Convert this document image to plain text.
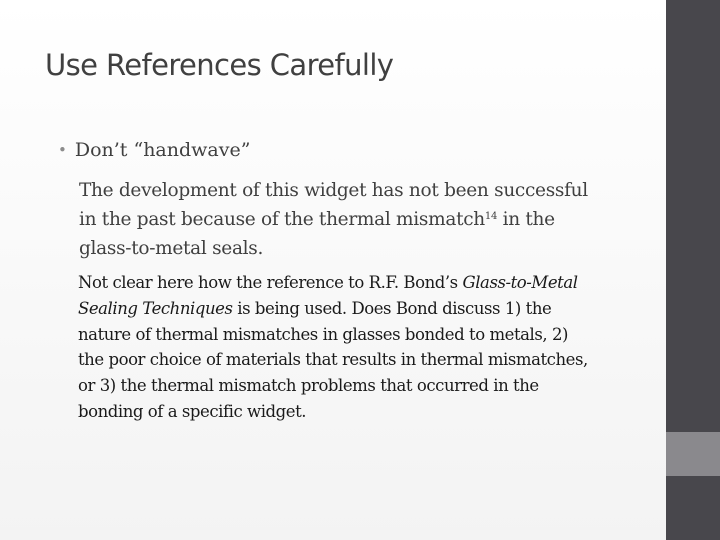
Use References Carefully
• Don’t “handwave”

The development of this widget has not been successful in the past because of the thermal mismatch$^{14}$ in the glass-to-metal seals.

Not clear here how the reference to R.F. Bond’s Glass-to-Metal Sealing Techniques is being used. Does Bond discuss 1) the nature of thermal mismatches in glasses bonded to metals, 2) the poor choice of materials that results in thermal mismatches, or 3) the thermal mismatch problems that occurred in the bonding of a specific widget.
